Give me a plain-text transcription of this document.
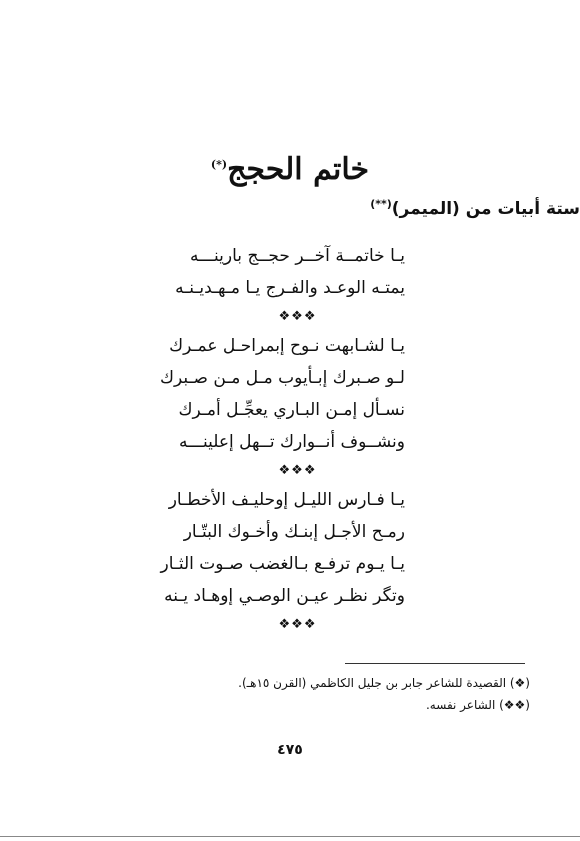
خاتم الحجج(*)
ستة أبيات من (الميمر)(**)
يـا خاتمــة آخــر حجــج بارينـــه
يمتـه الوعـد والفـرج يـا مـهـديـنـه
❖❖❖
يـا لشـابهت نـوح إبمراحـل عمـرك
لـو صـبرك إبـأيوب مـل مـن صـبرك
نسـأل إمـن البـاري يعجِّـل أمـرك
ونشــوف أنــوارك تــهل إعلينـــه
❖❖❖
يـا فـارس الليـل إوحليـف الأخطـار
رمـح الأجـل إبنـك وأخـوك البتّـار
يـا يـوم ترفـع بـالغضب صـوت الثـار
وتگر نظـر عيـن الوصـي إوهـاد يـنه
❖❖❖
(❖) القصيدة للشاعر جابر بن جليل الكاظمي (القرن ١٥هـ).
(❖❖) الشاعر نفسه.
٤٧٥
